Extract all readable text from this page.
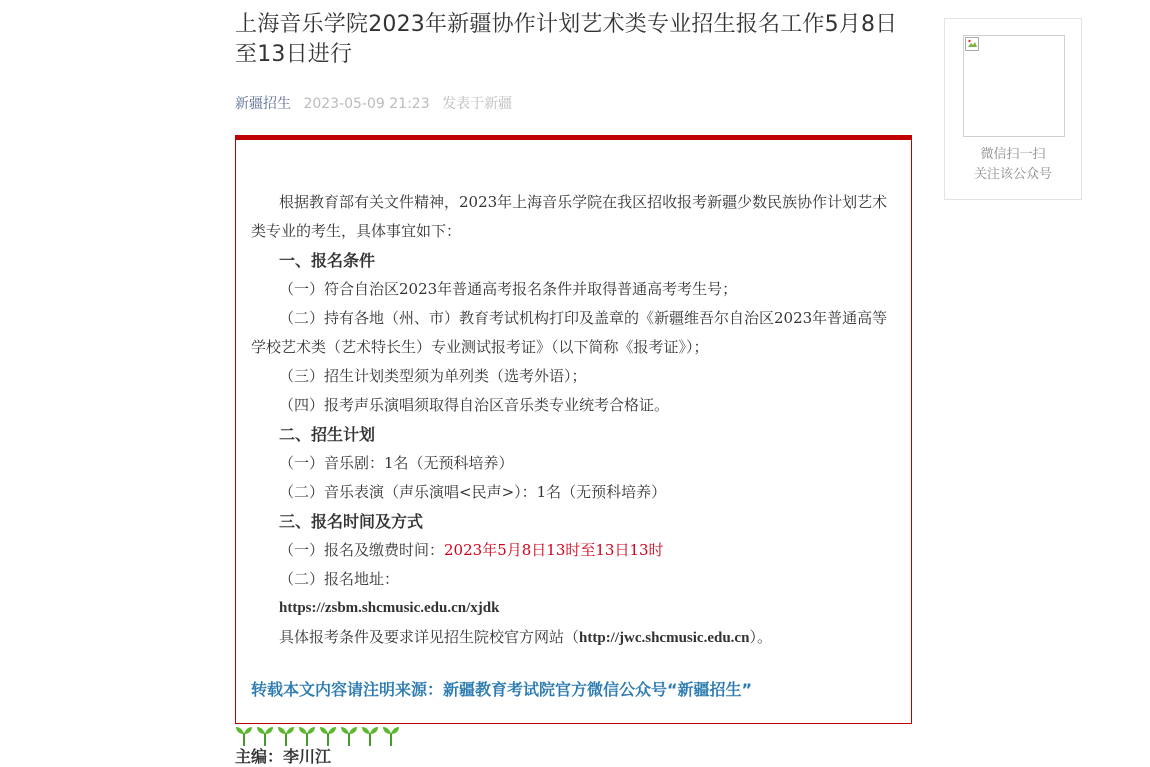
上海音乐学院2023年新疆协作计划艺术类专业招生报名工作5月8日至13日进行
新疆招生 2023-05-09 21:23 发表于新疆

根据教育部有关文件精神，2023年上海音乐学院在我区招收报考新疆少数民族协作计划艺术类专业的考生，具体事宜如下：

一、报名条件

（一）符合自治区2023年普通高考报名条件并取得普通高考考生号；

（二）持有各地（州、市）教育考试机构打印及盖章的《新疆维吾尔自治区2023年普通高等学校艺术类（艺术特长生）专业测试报考证》（以下简称《报考证》）；

（三）招生计划类型须为单列类（选考外语）；

（四）报考声乐演唱须取得自治区音乐类专业统考合格证。

二、招生计划

（一）音乐剧：1名（无预科培养）

（二）音乐表演（声乐演唱<民声>）：1名（无预科培养）

三、报名时间及方式

（一）报名及缴费时间：2023年5月8日13时至13日13时

（二）报名地址：

https://zsbm.shcmusic.edu.cn/xjdk

具体报考条件及要求详见招生院校官方网站（http://jwc.shcmusic.edu.cn）。

转载本文内容请注明来源：新疆教育考试院官方微信公众号“新疆招生”

主编：李川江
微信扫一扫
关注该公众号
